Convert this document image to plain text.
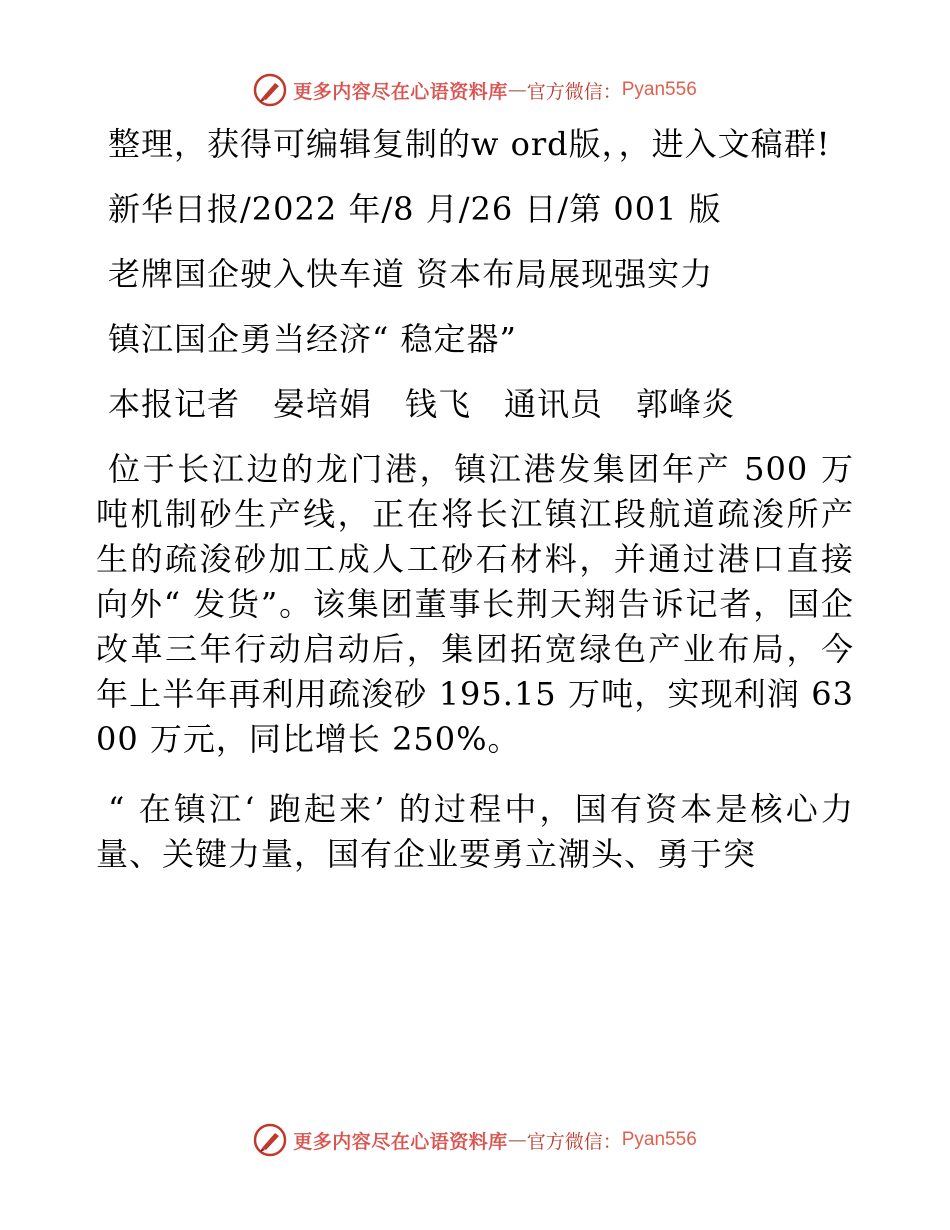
更多内容尽在心语资料库 — 官方微信： Pyan556

整理，获得可编辑复制的w ord版，，进入文稿群!

新华日报/2022 年/8 月/26 日/第 001 版

老牌国企驶入快车道 资本布局展现强实力

镇江国企勇当经济“ 稳定器”

本报记者　晏培娟　钱飞　通讯员　郭峰炎

位于长江边的龙门港，镇江港发集团年产 500 万吨机制砂生产线，正在将长江镇江段航道疏浚所产生的疏浚砂加工成人工砂石材料，并通过港口直接向外“ 发货”。该集团董事长荆天翔告诉记者，国企改革三年行动启动后，集团拓宽绿色产业布局，今年上半年再利用疏浚砂 195.15 万吨，实现利润 6300 万元，同比增长 250%。

“ 在镇江‘ 跑起来’ 的过程中，国有资本是核心力量、关键力量，国有企业要勇立潮头、勇于突

更多内容尽在心语资料库 — 官方微信： Pyan556
